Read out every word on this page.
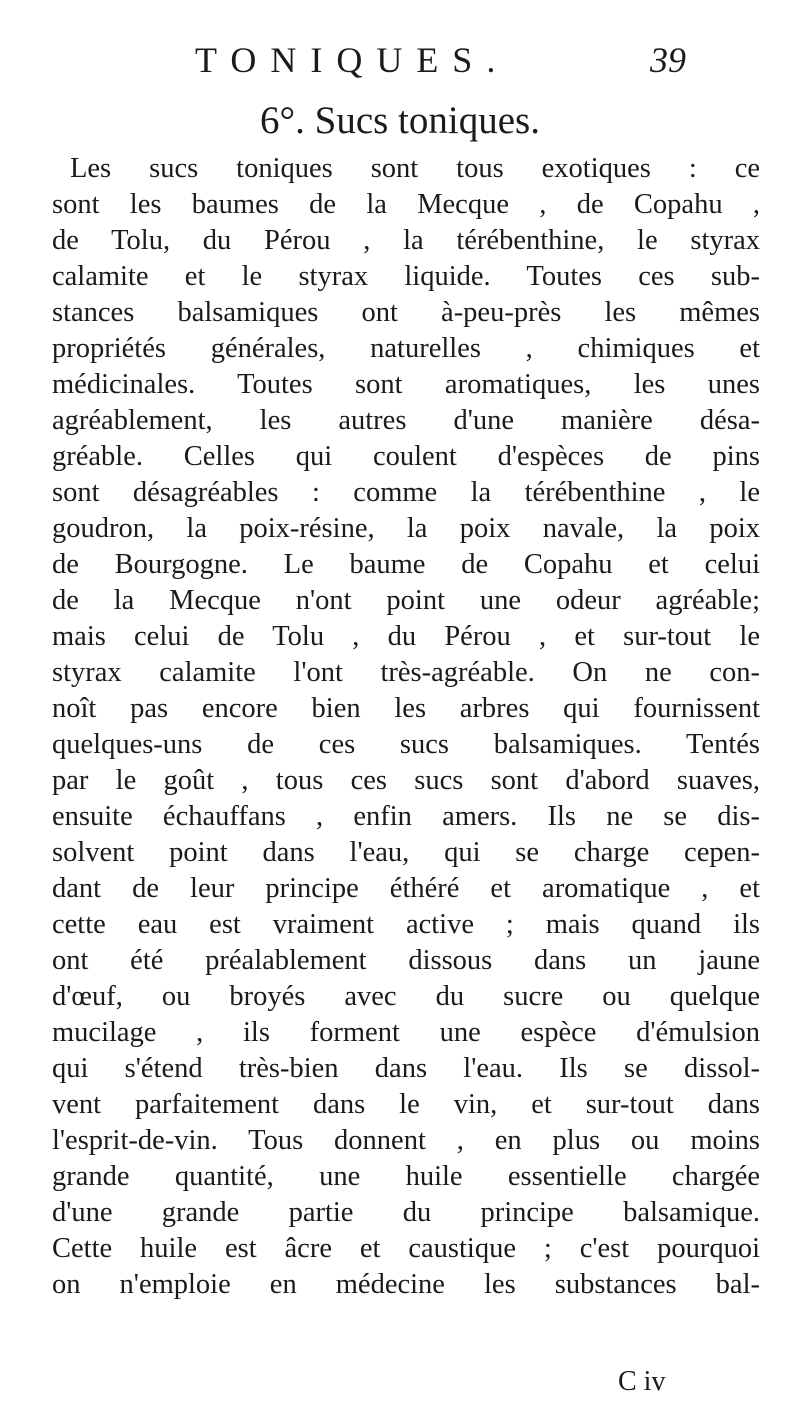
TONIQUES.	39
6°. Sucs toniques.
Les sucs toniques sont tous exotiques : ce
sont les baumes de la Mecque , de Copahu ,
de Tolu, du Pérou , la térébenthine, le styrax
calamite et le styrax liquide. Toutes ces sub-
stances balsamiques ont à-peu-près les mêmes
propriétés générales, naturelles , chimiques et
médicinales. Toutes sont aromatiques, les unes
agréablement, les autres d'une manière désa-
gréable. Celles qui coulent d'espèces de pins
sont désagréables : comme la térébenthine , le
goudron, la poix-résine, la poix navale, la poix
de Bourgogne. Le baume de Copahu et celui
de la Mecque n'ont point une odeur agréable;
mais celui de Tolu , du Pérou , et sur-tout le
styrax calamite l'ont très-agréable. On ne con-
noît pas encore bien les arbres qui fournissent
quelques-uns de ces sucs balsamiques. Tentés
par le goût , tous ces sucs sont d'abord suaves,
ensuite échauffans , enfin amers. Ils ne se dis-
solvent point dans l'eau, qui se charge cepen-
dant de leur principe éthéré et aromatique , et
cette eau est vraiment active ; mais quand ils
ont été préalablement dissous dans un jaune
d'œuf, ou broyés avec du sucre ou quelque
mucilage , ils forment une espèce d'émulsion
qui s'étend très-bien dans l'eau. Ils se dissol-
vent parfaitement dans le vin, et sur-tout dans
l'esprit-de-vin. Tous donnent , en plus ou moins
grande quantité, une huile essentielle chargée
d'une grande partie du principe balsamique.
Cette huile est âcre et caustique ; c'est pourquoi
on n'emploie en médecine les substances bal-
C iv
